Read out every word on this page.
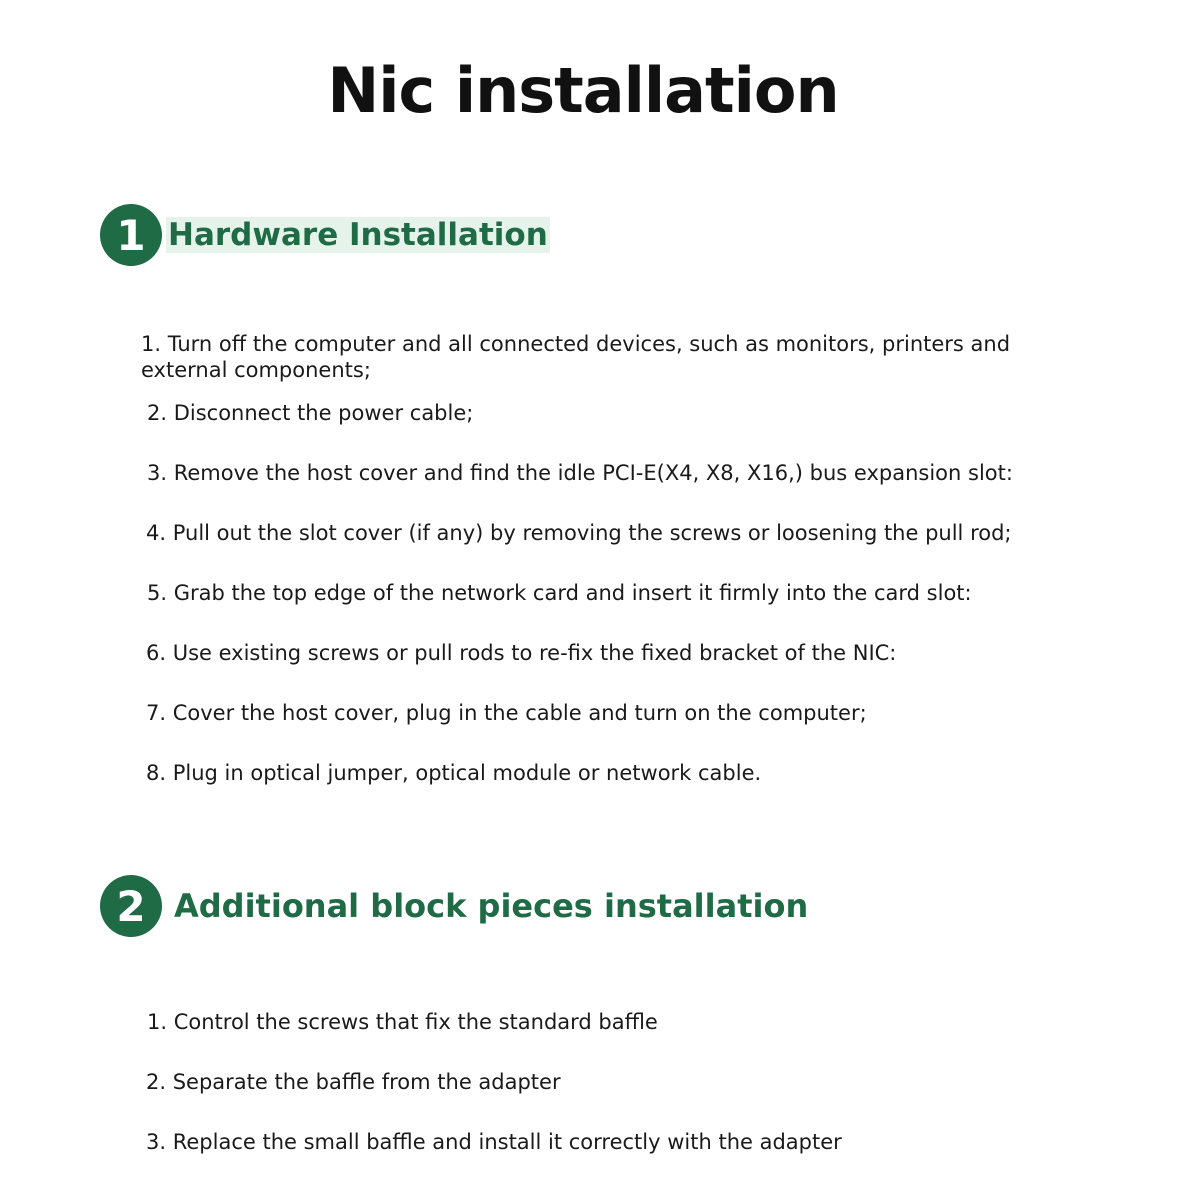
Nic installation
1 Hardware Installation
1. Turn off the computer and all connected devices, such as monitors, printers and
external components;
2. Disconnect the power cable;
3. Remove the host cover and find the idle PCI-E(X4, X8, X16,) bus expansion slot:
4. Pull out the slot cover (if any) by removing the screws or loosening the pull rod;
5. Grab the top edge of the network card and insert it firmly into the card slot:
6. Use existing screws or pull rods to re-fix the fixed bracket of the NIC:
7. Cover the host cover, plug in the cable and turn on the computer;
8. Plug in optical jumper, optical module or network cable.
2 Additional block pieces installation
1. Control the screws that fix the standard baffle
2. Separate the baffle from the adapter
3. Replace the small baffle and install it correctly with the adapter
